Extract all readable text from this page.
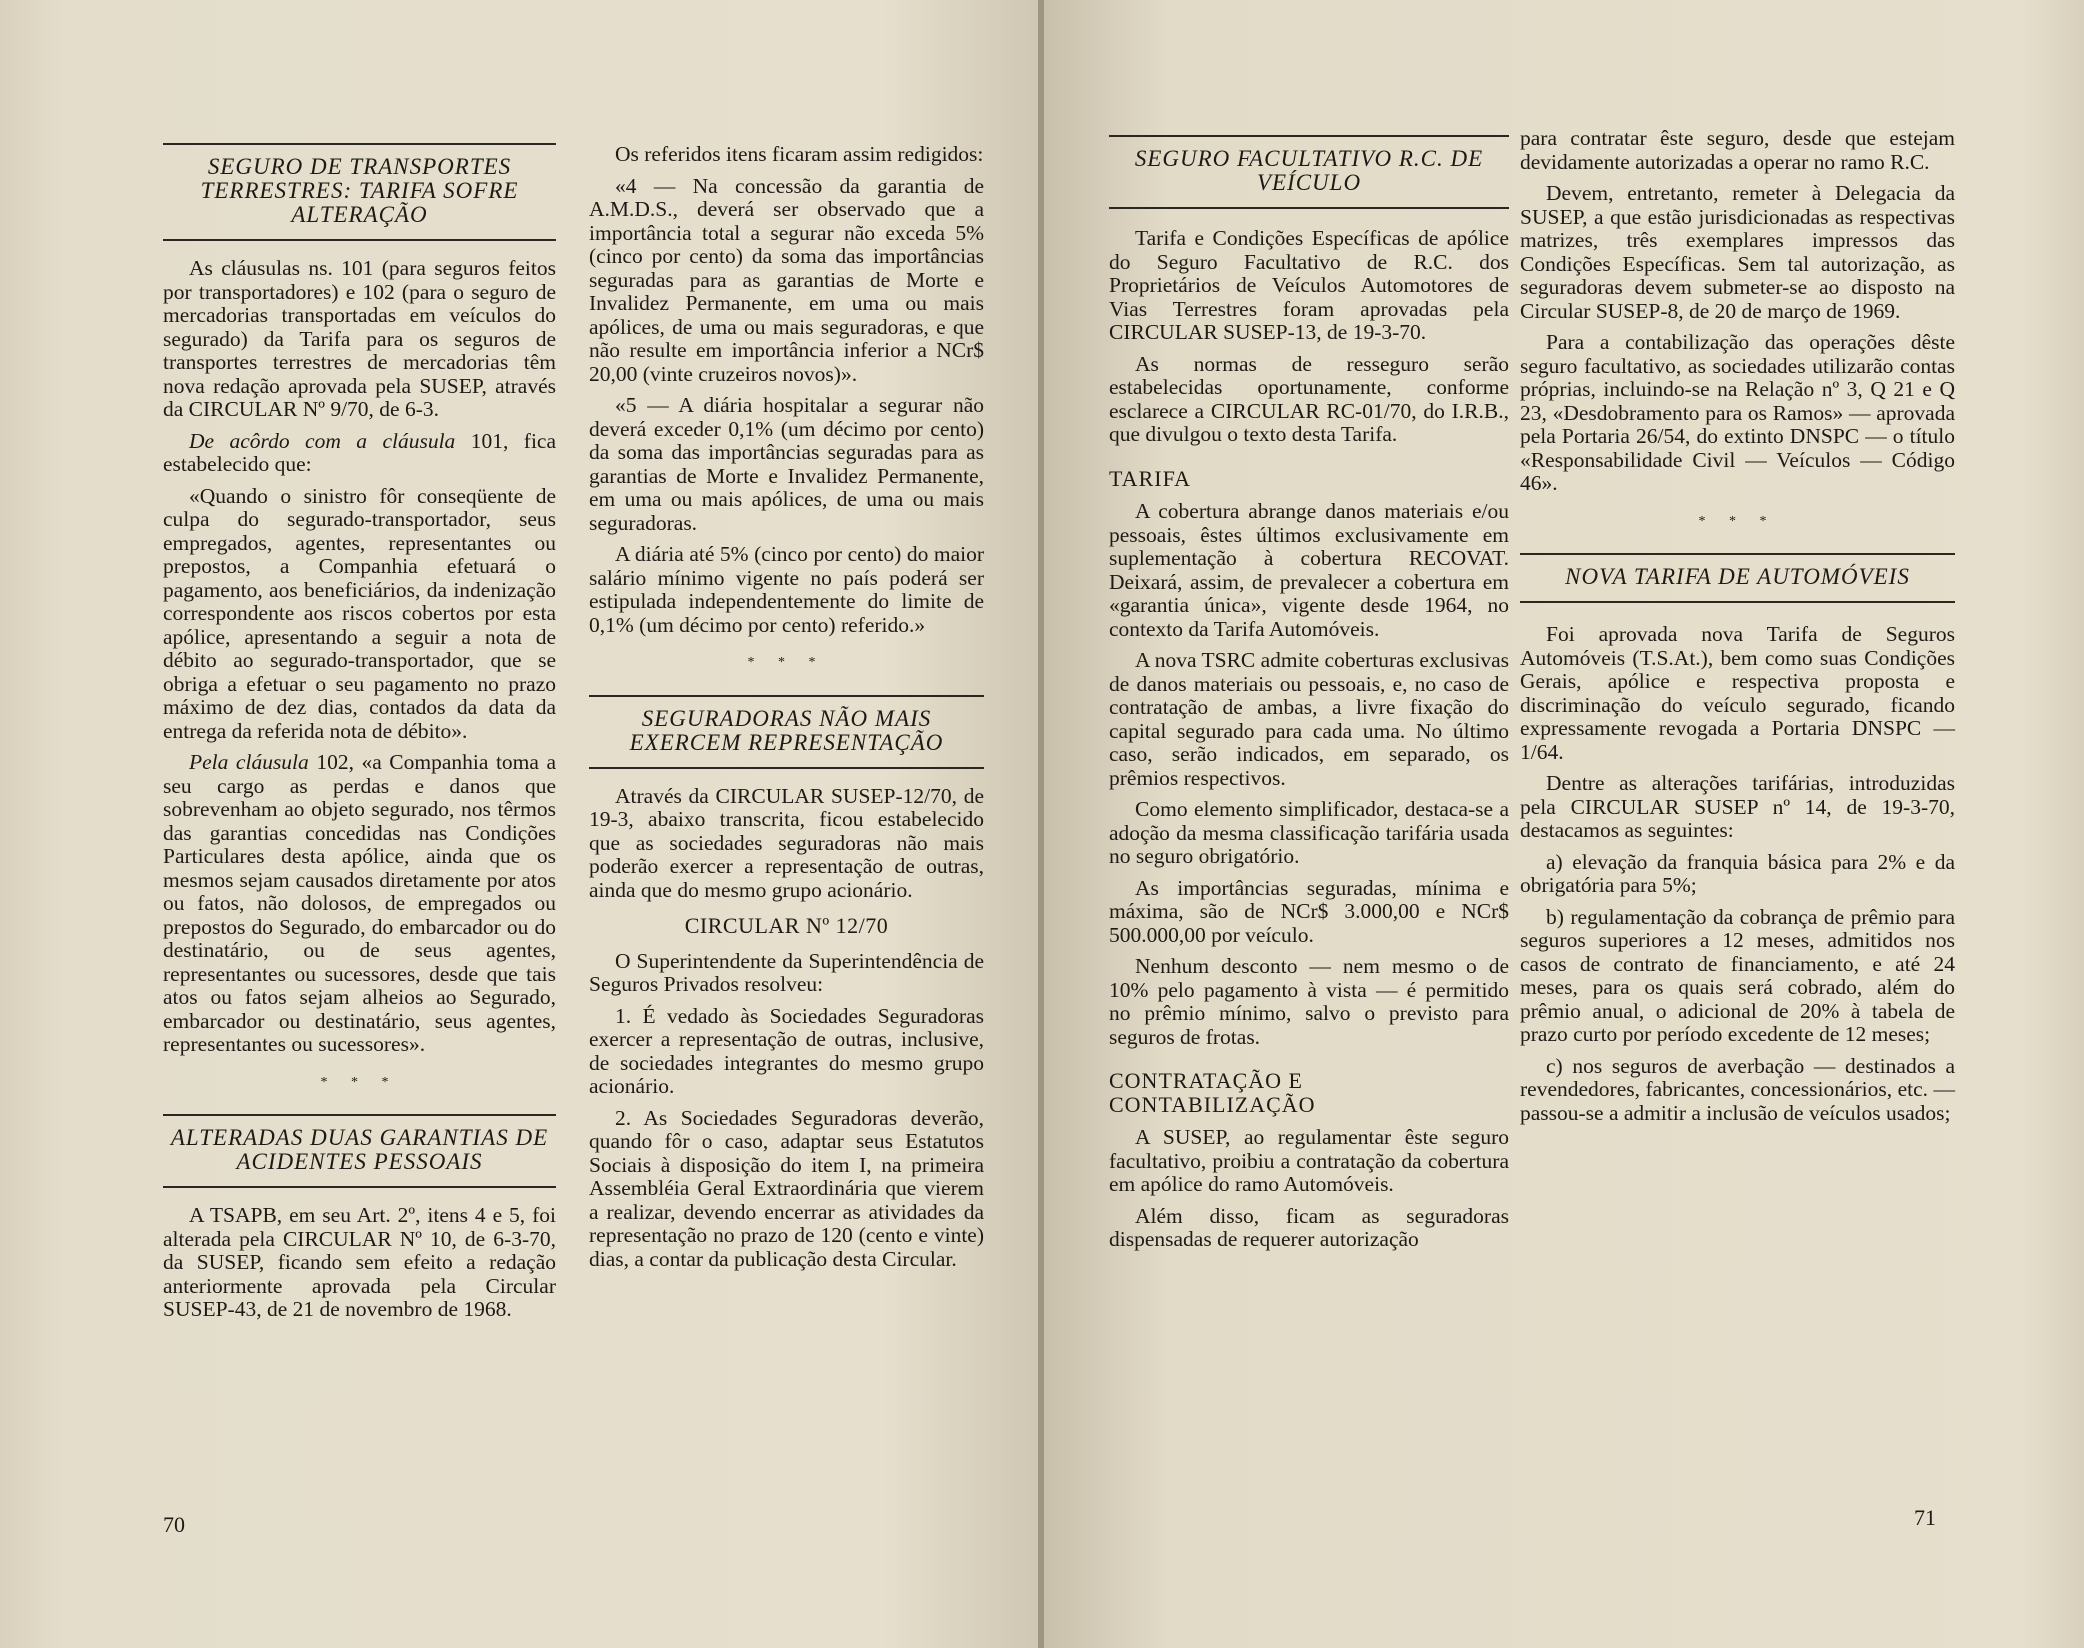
SEGURO DE TRANSPORTES TERRESTRES: TARIFA SOFRE ALTERAÇÃO

As cláusulas ns. 101 (para seguros feitos por transportadores) e 102 (para o seguro de mercadorias transportadas em veículos do segurado) da Tarifa para os seguros de transportes terrestres de mercadorias têm nova redação aprovada pela SUSEP, através da CIRCULAR Nº 9/70, de 6-3.

De acôrdo com a cláusula 101, fica estabelecido que:

«Quando o sinistro fôr conseqüente de culpa do segurado-transportador, seus empregados, agentes, representantes ou prepostos, a Companhia efetuará o pagamento, aos beneficiários, da indenização correspondente aos riscos cobertos por esta apólice, apresentando a seguir a nota de débito ao segurado-transportador, que se obriga a efetuar o seu pagamento no prazo máximo de dez dias, contados da data da entrega da referida nota de débito».

Pela cláusula 102, «a Companhia toma a seu cargo as perdas e danos que sobrevenham ao objeto segurado, nos têrmos das garantias concedidas nas Condições Particulares desta apólice, ainda que os mesmos sejam causados diretamente por atos ou fatos, não dolosos, de empregados ou prepostos do Segurado, do embarcador ou do destinatário, ou de seus agentes, representantes ou sucessores, desde que tais atos ou fatos sejam alheios ao Segurado, embarcador ou destinatário, seus agentes, representantes ou sucessores».

* * *
ALTERADAS DUAS GARANTIAS DE ACIDENTES PESSOAIS

A TSAPB, em seu Art. 2º, itens 4 e 5, foi alterada pela CIRCULAR Nº 10, de 6-3-70, da SUSEP, ficando sem efeito a redação anteriormente aprovada pela Circular SUSEP-43, de 21 de novembro de 1968.

Os referidos itens ficaram assim redigidos:

«4 — Na concessão da garantia de A.M.D.S., deverá ser observado que a importância total a segurar não exceda 5% (cinco por cento) da soma das importâncias seguradas para as garantias de Morte e Invalidez Permanente, em uma ou mais apólices, de uma ou mais seguradoras, e que não resulte em importância inferior a NCr$ 20,00 (vinte cruzeiros novos)».

«5 — A diária hospitalar a segurar não deverá exceder 0,1% (um décimo por cento) da soma das importâncias seguradas para as garantias de Morte e Invalidez Permanente, em uma ou mais apólices, de uma ou mais seguradoras.

A diária até 5% (cinco por cento) do maior salário mínimo vigente no país poderá ser estipulada independentemente do limite de 0,1% (um décimo por cento) referido.»

* * *
SEGURADORAS NÃO MAIS EXERCEM REPRESENTAÇÃO

Através da CIRCULAR SUSEP-12/70, de 19-3, abaixo transcrita, ficou estabelecido que as sociedades seguradoras não mais poderão exercer a representação de outras, ainda que do mesmo grupo acionário.

CIRCULAR Nº 12/70

O Superintendente da Superintendência de Seguros Privados resolveu:

1. É vedado às Sociedades Seguradoras exercer a representação de outras, inclusive, de sociedades integrantes do mesmo grupo acionário.

2. As Sociedades Seguradoras deverão, quando fôr o caso, adaptar seus Estatutos Sociais à disposição do item I, na primeira Assembléia Geral Extraordinária que vierem a realizar, devendo encerrar as atividades da representação no prazo de 120 (cento e vinte) dias, a contar da publicação desta Circular.

70
SEGURO FACULTATIVO R.C. DE VEÍCULO

Tarifa e Condições Específicas de apólice do Seguro Facultativo de R.C. dos Proprietários de Veículos Automotores de Vias Terrestres foram aprovadas pela CIRCULAR SUSEP-13, de 19-3-70.

As normas de resseguro serão estabelecidas oportunamente, conforme esclarece a CIRCULAR RC-01/70, do I.R.B., que divulgou o texto desta Tarifa.

TARIFA

A cobertura abrange danos materiais e/ou pessoais, êstes últimos exclusivamente em suplementação à cobertura RECOVAT. Deixará, assim, de prevalecer a cobertura em «garantia única», vigente desde 1964, no contexto da Tarifa Automóveis.

A nova TSRC admite coberturas exclusivas de danos materiais ou pessoais, e, no caso de contratação de ambas, a livre fixação do capital segurado para cada uma. No último caso, serão indicados, em separado, os prêmios respectivos.

Como elemento simplificador, destaca-se a adoção da mesma classificação tarifária usada no seguro obrigatório.

As importâncias seguradas, mínima e máxima, são de NCr$ 3.000,00 e NCr$ 500.000,00 por veículo.

Nenhum desconto — nem mesmo o de 10% pelo pagamento à vista — é permitido no prêmio mínimo, salvo o previsto para seguros de frotas.

CONTRATAÇÃO E CONTABILIZAÇÃO

A SUSEP, ao regulamentar êste seguro facultativo, proibiu a contratação da cobertura em apólice do ramo Automóveis.

Além disso, ficam as seguradoras dispensadas de requerer autorização

para contratar êste seguro, desde que estejam devidamente autorizadas a operar no ramo R.C.

Devem, entretanto, remeter à Delegacia da SUSEP, a que estão jurisdicionadas as respectivas matrizes, três exemplares impressos das Condições Específicas. Sem tal autorização, as seguradoras devem submeter-se ao disposto na Circular SUSEP-8, de 20 de março de 1969.

Para a contabilização das operações dêste seguro facultativo, as sociedades utilizarão contas próprias, incluindo-se na Relação nº 3, Q 21 e Q 23, «Desdobramento para os Ramos» — aprovada pela Portaria 26/54, do extinto DNSPC — o título «Responsabilidade Civil — Veículos — Código 46».

* * *
NOVA TARIFA DE AUTOMÓVEIS

Foi aprovada nova Tarifa de Seguros Automóveis (T.S.At.), bem como suas Condições Gerais, apólice e respectiva proposta e discriminação do veículo segurado, ficando expressamente revogada a Portaria DNSPC — 1/64.

Dentre as alterações tarifárias, introduzidas pela CIRCULAR SUSEP nº 14, de 19-3-70, destacamos as seguintes:

a) elevação da franquia básica para 2% e da obrigatória para 5%;

b) regulamentação da cobrança de prêmio para seguros superiores a 12 meses, admitidos nos casos de contrato de financiamento, e até 24 meses, para os quais será cobrado, além do prêmio anual, o adicional de 20% à tabela de prazo curto por período excedente de 12 meses;

c) nos seguros de averbação — destinados a revendedores, fabricantes, concessionários, etc. — passou-se a admitir a inclusão de veículos usados;

71
